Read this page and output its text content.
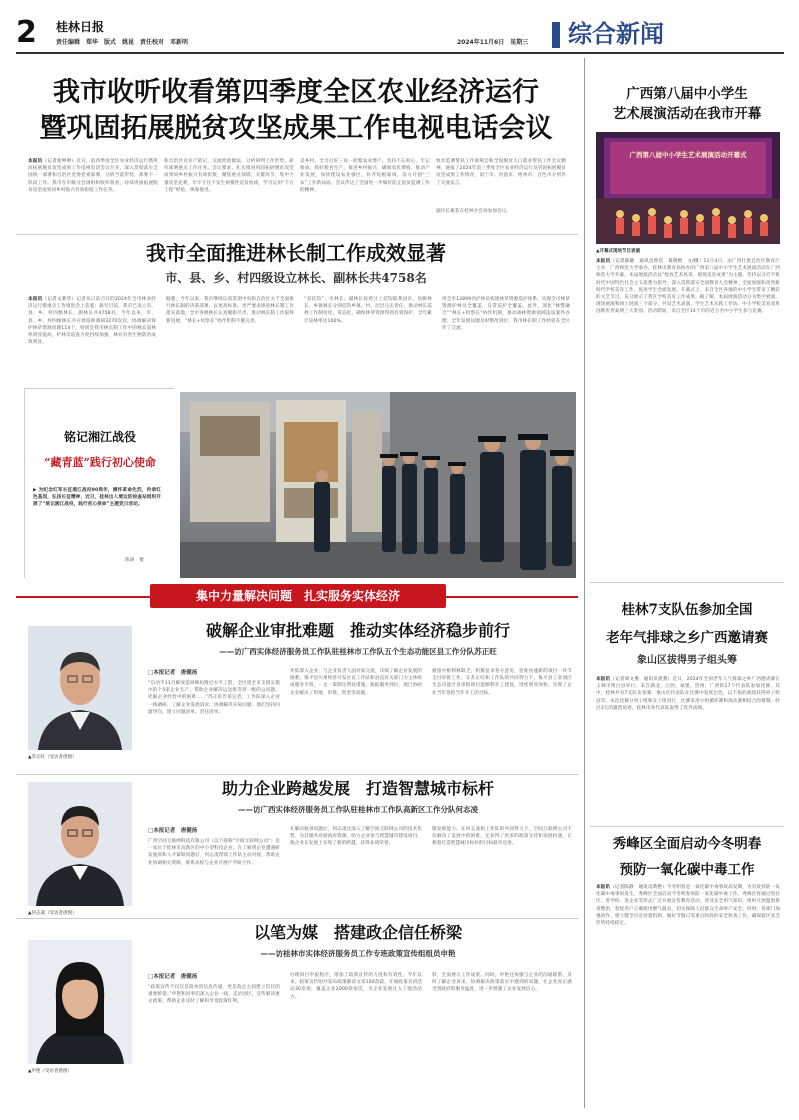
2 桂林日报
责任编辑　郑华　版式　姚昆　责任校对　邓新明	2024年11月6日　星期三 综合新闻
我市收听收看第四季度全区农业经济运行
暨巩固拓展脱贫攻坚成果工作电视电话会议
本报讯（记者张婷婷）近日，第四季度全区农业经济运行暨巩固拓展脱贫攻坚成果工作电视电话会议召开，深入贯彻落实全国统一部署和自治区党委党委部署，分析当前形势，部署下一阶段工作。我市在市级分会场组织收听收看，持续巩固拓展脱贫攻坚成果同乡村振兴有效衔接工作任务。
和自治区农业产销记，交流经验做法，分析研判工作形势，研究部署重点工作任务。会议要求，扎实推进巩固拓展脱贫攻坚成果同乡村振兴有效衔接，聚焦重点领域、关键环节，集中力量攻坚克难，牢牢守住不发生规模性返贫底线，学习运用“千万工程”经验，统筹推进。
美乡村，全力打好三农一把鹫农业增产，坚持不忘初心，牢记使命，抓好粮食生产，推进乡村振兴，确保农民增收，推动产业发展，加快建设农业强区，补齐短板弱项，奋力开创“三农”工作新局面。会议传达了全国进一步做好防止返贫监测工作的精神。
致贫监测帮扶工作视频会和全国脱贫人口就业帮扶工作会议精神，通报了2024年前三季度全区农业经济运行及巩固拓展脱贫攻坚成果工作情况，南宁市、河池市、梧州市、百色市分别作了交流发言。
副市长谢菲在桂林分会场参加会议。
我市全面推进林长制工作成效显著
市、县、乡、村四级设立林长、副林长共4758名
本报讯（记者文新华）记者从日前召开的2024年全市林业经济运行暨重点工作推进会上获悉：截至目前，我市已设立市、县、乡、村四级林长、副林长共4758名，今年以来，市、县、乡、村四级林长共开展巡林调研3270次次，协调解决保护林草资源问题114个，特别是我市林长制工作中的林长巡林率明显提高，护林员巡查力度持续加强，林业有害生物防治成效明显。
据悉，今年以来，我市继续认真贯彻中央和自治区关于全面推行林长制的决策部署，以更高标准、更严要求推进林长制工作落实落地，全市各级林长认真履职尽责，推动林长制工作取得新进展，“林长+检察长”协作机制不断完善。
“双挂钩”。市林长、副林长按照分工挂钩联系县区，县级林长、乡镇林长分别挂钩乡镇、村，层层压实责任，推动林长巡林工作制度化、常态化，确保林草资源得到有效保护，全年累计巡林率达100%。
用全市12899名护林员构建林草资源巡护体系，实现全市林草资源护林员全覆盖，日常巡护全覆盖。此外，深化“林警融合”“林长+检察长”协作机制，推动森林资源领域违法案件办理，全年发现问题及时整改到位，我市林长制工作经验在全区作了交流。
铭记湘江战役
“藏青蓝”践行初心使命
▶ 为纪念红军长征湘江战役90周年，横怀革命先烈，传承红色基因，弘扬长征精神，近日，桂林出入境边防检查站组织开展了“铭记湘江战役，践行初心使命”主题党日活动。
陈通　摄
集中力量解决问题　扎实服务实体经济
▲苏正旺（受访者供图）
破解企业审批难题　推动实体经济稳步前行
——访广西实体经济服务员工作队驻桂林市工作队五个生态功能区县工作分队苏正旺
□本报记者　唐健扬
“启动半11月解放追回梯坊附近水平工程，全区遥全市支撑实施中的个5家企业生产。帮助企业解决运送排等到一级的公问题，化解企业经营中的困难……”苏正旺告诉记者，工作队深入企业一线调研，了解企业发展诉求，协调解决实际问题。他们坚持问题导向，建立问题清单、责任清单。
作队深入企业，与企业负责人面对面交流，详细了解企业发展的困难。恢平县川州经济开发区以工作队和县直有关部门为主体组成服务专班，一企一策制定帮扶措施，跟踪服务到位，现已协助企业解决了用地、审批、资金等问题。
板推中枢利林缺乏，积极征求各方意见，恰准快速新的项目一环节支付审批工作。在苏正旺和工作队的共同努力下，恢平县工业园区生态功能区县审批项目能顺利开工建设，进度明显加快，实现了企业当年签约当年开工的目标。
▲何志凌（受访者供图）
助力企业跨越发展　打造智慧城市标杆
——访广西实体经济服务员工作队驻桂林市工作队高新区工作分队何志凌
□本报记者　唐健扬
广西空间互联网科技有限公司（以下简称“空间互联网公司”）是一家位于桂林市高新区的中小型科技企业。在了解到企业遭遇研发瓶颈和人才紧缺问题后，何志凌带领工作队主动对接，帮助企业协调相关资源，联系高校与企业开展产学研合作。
在解决瓶颈问题后，何志凌还深入了解空间互联网公司的技术优势，为其服务对接政府资源，助力企业参与智慧城市建设项目，使企业在发展上实现了新的跨越，获得多项荣誉。
服发展能力。在何志凌和工作队的共同努力下，空间互联网公司不仅解决了发展中的困难，还获得了更多的政策支持和发展机遇，正朝着打造智慧城市标杆的目标稳步迈进。
▲申艳（受访者供图）
以笔为媒　搭建政企信任桥梁
——访桂林市实体经济服务员工作专班政策宣传组组员申艳
□本报记者　唐健扬
“政策宣传不仅仅是简单的信息传递，更是政企之间建立信任的重要桥梁。”申艳和同事们深入企业一线，走访园区，宣传解读惠企政策，帮助企业及时了解和享受政策红利。
办理项目申报程序，增加了政策宣传的力度和有效性。今年以来，政策宣传组共发布政策解读文章100余篇，开展政策宣讲活动30余场，覆盖企业2000余家次，为企业发展注入了强劲动力。
料，全面展示工作成果。同时，申艳还加强与企业的沟通联系，及时了解企业诉求，协调解决政策落实中遇到的问题，让企业真正感受到政府的服务温度，进一步增强了企业发展信心。
广西第八届中小学生
艺术展演活动在我市开幕
广西第八届中小学生艺术展演活动开幕式
▲开幕式现场节目表演
本报讯（记者陈静　通讯员曾培　葛晓艳　文/摄）11月4日，由广西壮族自治区教育厅主办，广西师范大学承办，桂林市教育局协办的广西第八届中小学生艺术展演活动在广西师范大学开幕。本届展演活动以“绽放艺术风采，展现美育成果”为主题，坚持以习近平新时代中国特色社会主义思想为指导，深入贯彻落实全国教育大会精神，全面加强和改进新时代学校美育工作，促进学生全面发展。开幕式上，来自全区各地的中小学生带来了精彩的文艺节目，充分展示了我区学校美育工作成果。据了解，本届展演活动分为集中展演、现场展演和线上展演三个部分，共设艺术表演、学生艺术实践工作坊、中小学校美育改革创新优秀案例三大类别。活动期间，来自全区14个市的近万名中小学生参与比赛。
桂林7支队伍参加全国
老年气排球之乡广西邀请赛
象山区拔得男子组头筹
本报讯（记者周文燕　通讯员唐燕）近日，2024年全国老年人气排球之乡广西邀请赛在玉林市博白县举行。来自湖北、江西、福建、贵州、广西的17个代表队参加比赛，其中，桂林共有7支队伍参赛。象山区代表队在比赛中发挥出色，以不俗的战绩获得男子组冠军。本次比赛分男子组和女子组进行，比赛采用小组循环赛和淘汰赛相结合的赛制。经过3天的激烈角逐，桂林市各代表队取得了优异成绩。
秀峰区全面启动今冬明春
预防一氧化碳中毒工作
本报讯（记者陈静　通讯员黄艳）今冬明春是一氧化碳中毒事故高发期，为有效预防一氧化碳中毒事故发生，秀峰区全面启动今冬明春预防一氧化碳中毒工作。秀峰区将通过进社区、进学校、进企业等形式广泛开展宣传教育活动，普及安全用气知识，组织开展隐患排查整治，督促用户正确使用燃气器具，切实保障人民群众生命财产安全。同时，各部门加强协作，建立健全应急处置机制，做好节假日等重点时段的安全检查工作，确保辖区安全形势持续稳定。
